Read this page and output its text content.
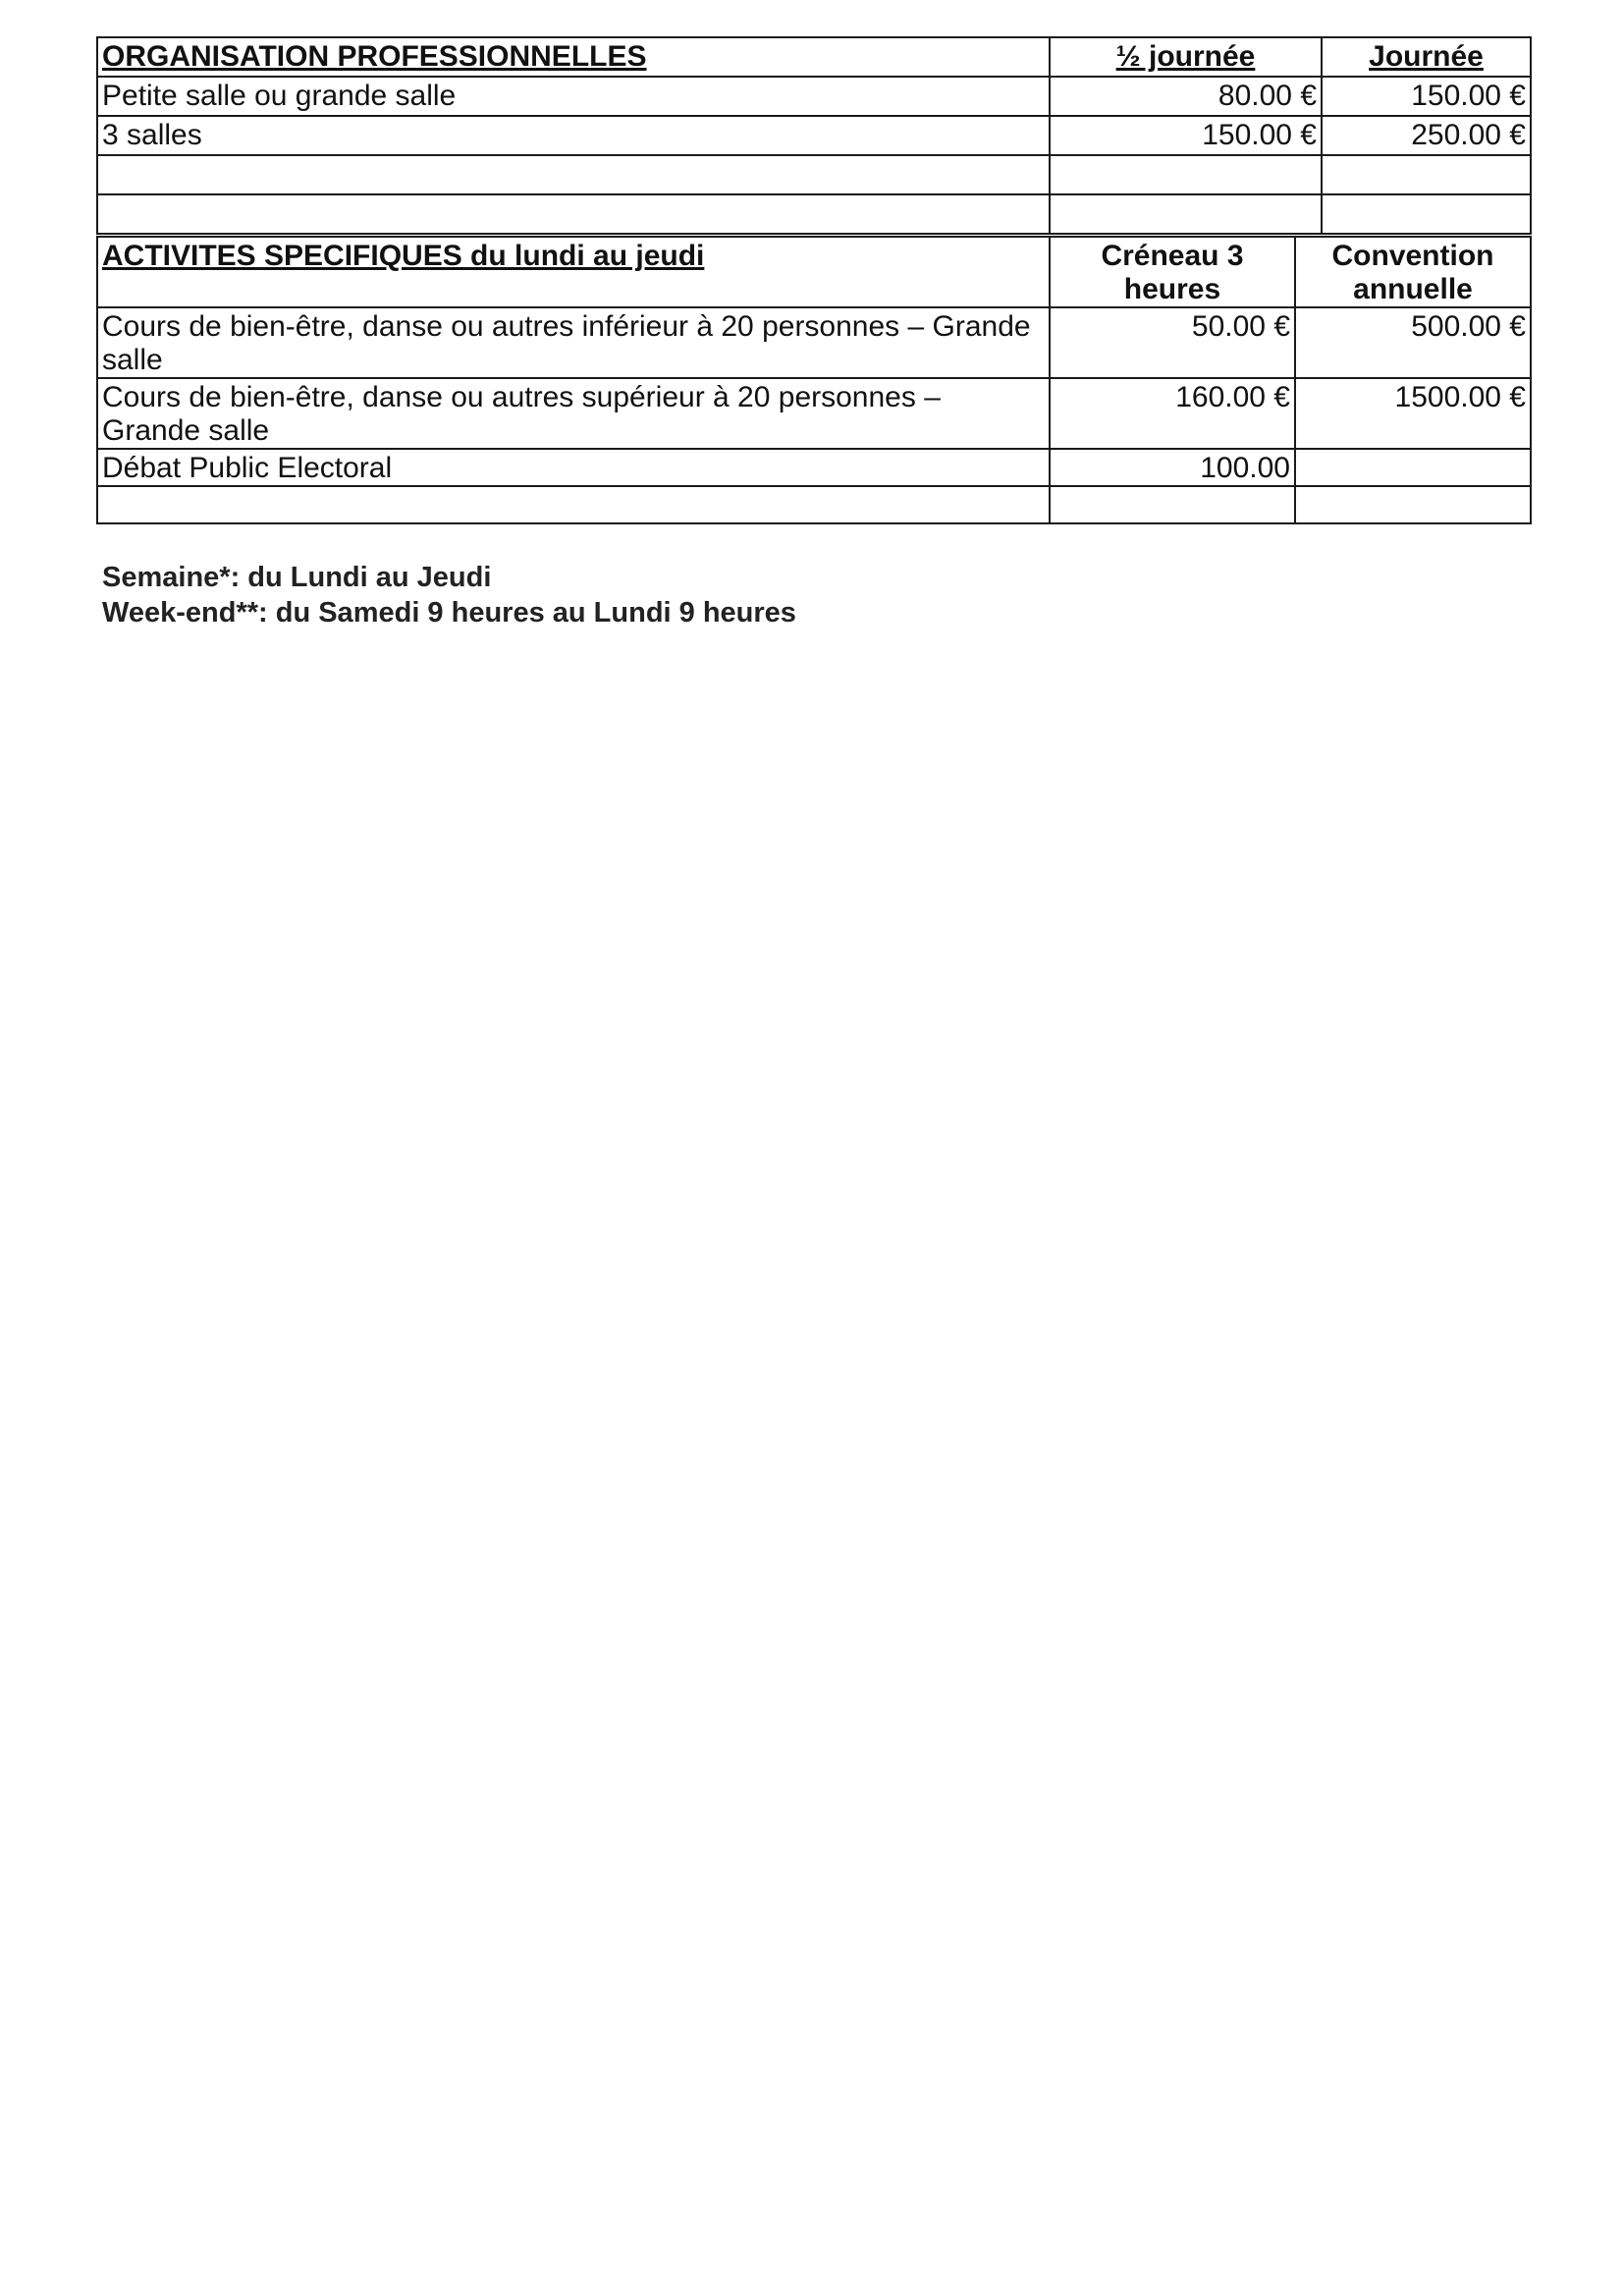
ORGANISATION PROFESSIONNELLES	½ journée	Journée
Petite salle ou grande salle	80.00 €	150.00 €
3 salles	150.00 €	250.00 €

ACTIVITES SPECIFIQUES du lundi au jeudi	Créneau 3 heures	Convention annuelle
Cours de bien-être, danse ou autres inférieur à 20 personnes – Grande salle	50.00 €	500.00 €
Cours de bien-être, danse ou autres supérieur à 20 personnes – Grande salle	160.00 €	1500.00 €
Débat Public Electoral	100.00	

Semaine*: du Lundi au Jeudi
Week-end**: du Samedi 9 heures au Lundi 9 heures
